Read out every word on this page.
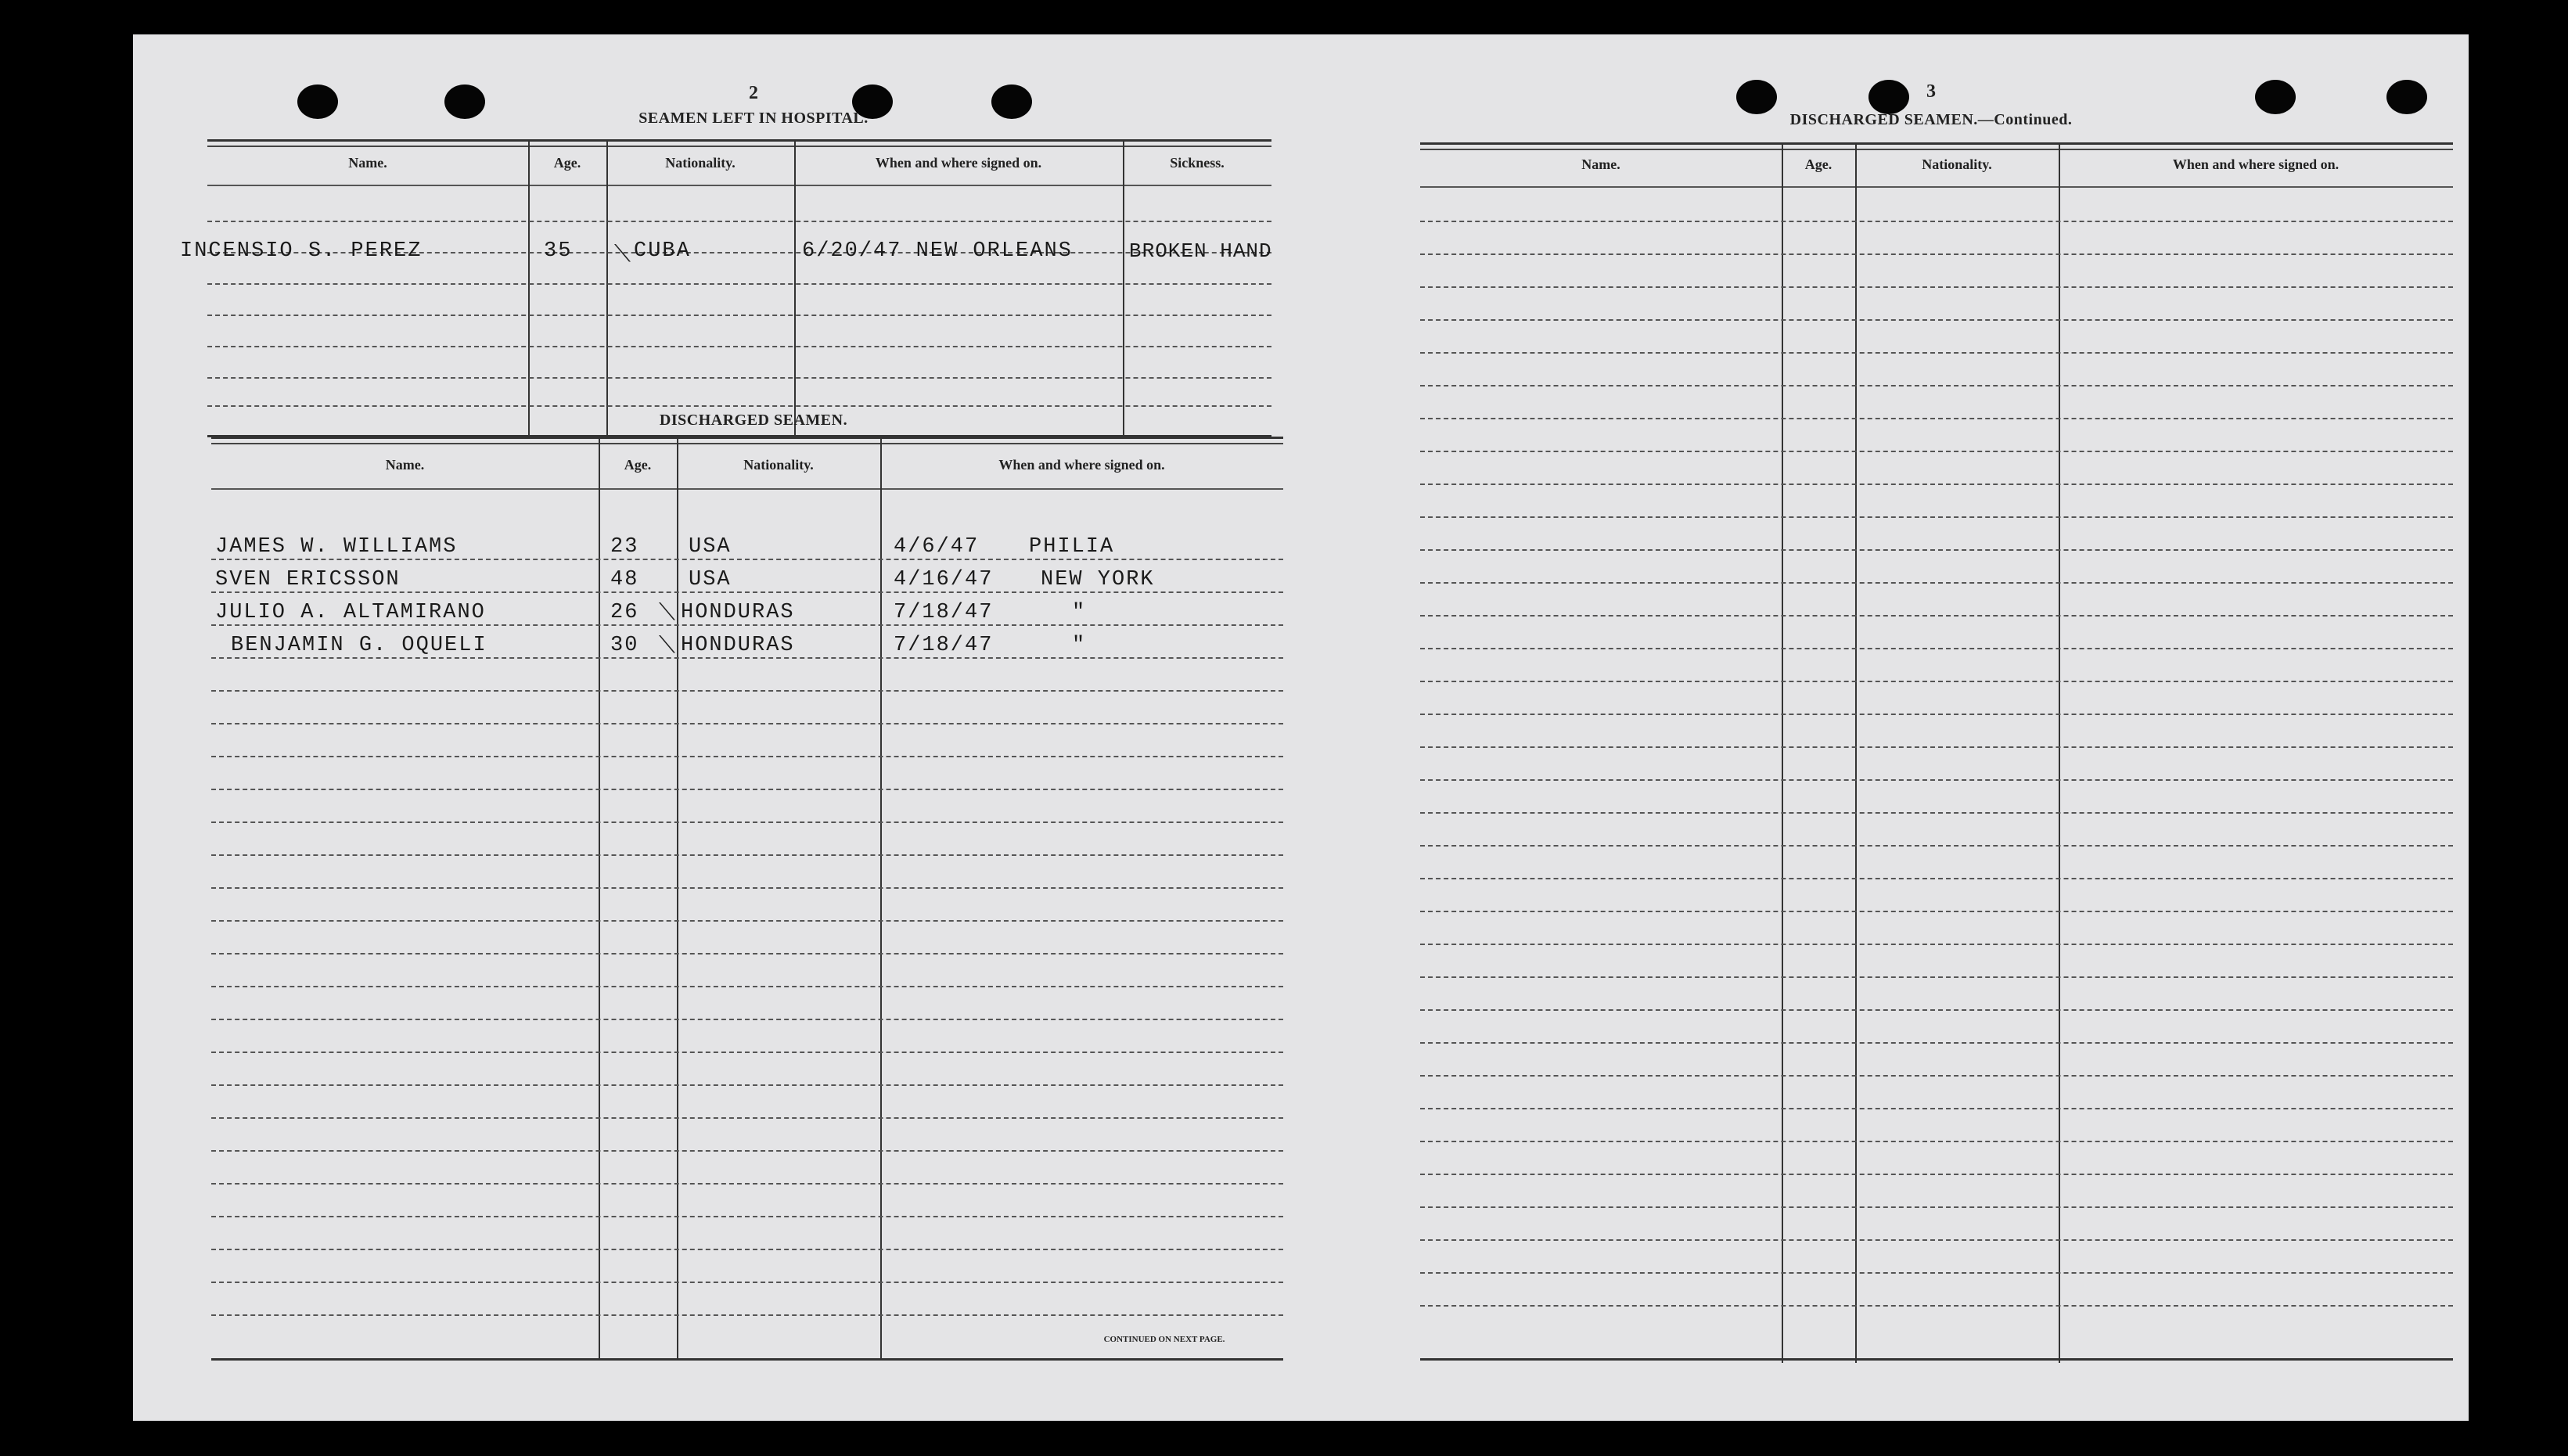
2
SEAMEN LEFT IN HOSPITAL.
Name.	Age.	Nationality.	When and where signed on.	Sickness.
INCENSIO S. PEREZ	35 ⟍ CUBA	6/20/47 NEW ORLEANS	BROKEN HAND
DISCHARGED SEAMEN.
Name.	Age.	Nationality.	When and where signed on.
JAMES W. WILLIAMS	23 USA	4/6/47 PHILIA
SVEN ERICSSON	48 USA	4/16/47 NEW YORK
JULIO A. ALTAMIRANO	26 ⟍ HONDURAS	7/18/47	"
BENJAMIN G. OQUELI	30 ⟍ HONDURAS	7/18/47	"
CONTINUED ON NEXT PAGE.
3
DISCHARGED SEAMEN.—Continued.
Name.	Age.	Nationality.	When and where signed on.
